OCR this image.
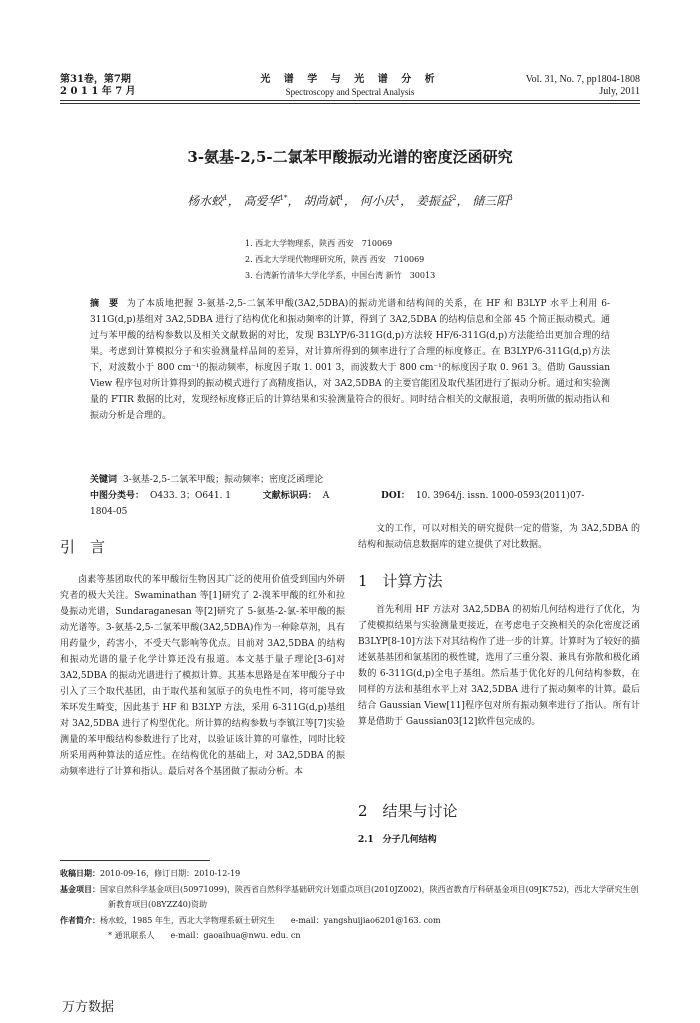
第31卷，第7期
2 0 1 1 年 7 月
光 谱 学 与 光 谱 分 析
Spectroscopy and Spectral Analysis
Vol. 31, No. 7, pp1804-1808
July, 2011
3-氨基-2,5-二氯苯甲酸振动光谱的密度泛函研究
杨水蛟$^1$， 高爱华$^{1*}$， 胡尚斌$^1$， 何小庆$^1$， 姜振益$^2$， 储三阳$^3$
1. 西北大学物理系，陕西 西安　710069
2. 西北大学现代物理研究所，陕西 西安　710069
3. 台湾新竹清华大学化学系，中国台湾 新竹　30013
摘　要 为了本质地把握 3-氨基-2,5-二氯苯甲酸(3A2,5DBA)的振动光谱和结构间的关系，在 HF 和 B3LYP 水平上利用 6-311G(d,p)基组对 3A2,5DBA 进行了结构优化和振动频率的计算，得到了 3A2,5DBA 的结构信息和全部 45 个简正振动模式。通过与苯甲酸的结构参数以及相关文献数据的对比，发现 B3LYP/6-311G(d,p)方法较 HF/6-311G(d,p)方法能给出更加合理的结果。考虑到计算模拟分子和实验测量样品间的差异，对计算所得到的频率进行了合理的标度修正。在 B3LYP/6-311G(d,p)方法下，对波数小于 800 cm⁻¹的振动频率，标度因子取 1. 001 3，而波数大于 800 cm⁻¹的标度因子取 0. 961 3。借助 Gaussian View 程序包对所计算得到的振动模式进行了高精度指认，对 3A2,5DBA 的主要官能团及取代基团进行了振动分析。通过和实验测量的 FTIR 数据的比对，发现经标度修正后的计算结果和实验测量符合的很好。同时结合相关的文献报道，表明所做的振动指认和振动分析是合理的。
关键词 3-氨基-2,5-二氯苯甲酸；振动频率；密度泛函理论
中图分类号： O433. 3；O641. 1	文献标识码： A	DOI： 10. 3964/j. issn. 1000-0593(2011)07-1804-05
引　言
卤素等基团取代的苯甲酸衍生物因其广泛的使用价值受到国内外研究者的极大关注。Swaminathan 等[1]研究了 2-溴苯甲酸的红外和拉曼振动光谱，Sundaraganesan 等[2]研究了 5-氨基-2-氯-苯甲酸的振动光谱等。3-氨基-2,5-二氯苯甲酸(3A2,5DBA)作为一种除草剂，具有用药量少，药害小，不受天气影响等优点。目前对 3A2,5DBA 的结构和振动光谱的量子化学计算还没有报道。本文基于量子理论[3-6]对 3A2,5DBA 的振动光谱进行了模拟计算。其基本思路是在苯甲酸分子中引入了三个取代基团，由于取代基和氢原子的负电性不同，将可能导致苯环发生畸变，因此基于 HF 和 B3LYP 方法，采用 6-311G(d,p)基组对 3A2,5DBA 进行了构型优化。所计算的结构参数与李镇江等[7]实验测量的苯甲酸结构参数进行了比对，以验证该计算的可靠性，同时比较所采用两种算法的适应性。在结构优化的基础上，对 3A2,5DBA 的振动频率进行了计算和指认。最后对各个基团做了振动分析。本
文的工作，可以对相关的研究提供一定的借鉴，为 3A2,5DBA 的结构和振动信息数据库的建立提供了对比数据。
1　计算方法
首先利用 HF 方法对 3A2,5DBA 的初始几何结构进行了优化，为了使模拟结果与实验测量更接近，在考虑电子交换相关的杂化密度泛函 B3LYP[8-10]方法下对其结构作了进一步的计算。计算时为了较好的描述氨基基团和氯基团的极性键，选用了三重分裂、兼具有弥散和极化函数的 6-311G(d,p)全电子基组。然后基于优化好的几何结构参数，在同样的方法和基组水平上对 3A2,5DBA 进行了振动频率的计算。最后结合 Gaussian View[11]程序包对所有振动频率进行了指认。所有计算是借助于 Gaussian03[12]软件包完成的。
2　结果与讨论
2.1　分子几何结构
收稿日期：2010-09-16，修订日期：2010-12-19
基金项目：国家自然科学基金项目(50971099)，陕西省自然科学基础研究计划重点项目(2010JZ002)，陕西省教育厅科研基金项目(09JK752)，西北大学研究生创新教育项目(08YZZ40)资助
作者简介：杨水蛟，1985 年生，西北大学物理系硕士研究生　　e-mail：yangshuijiao6201@163. com
* 通讯联系人　　e-mail：gaoaihua@nwu. edu. cn
万方数据
